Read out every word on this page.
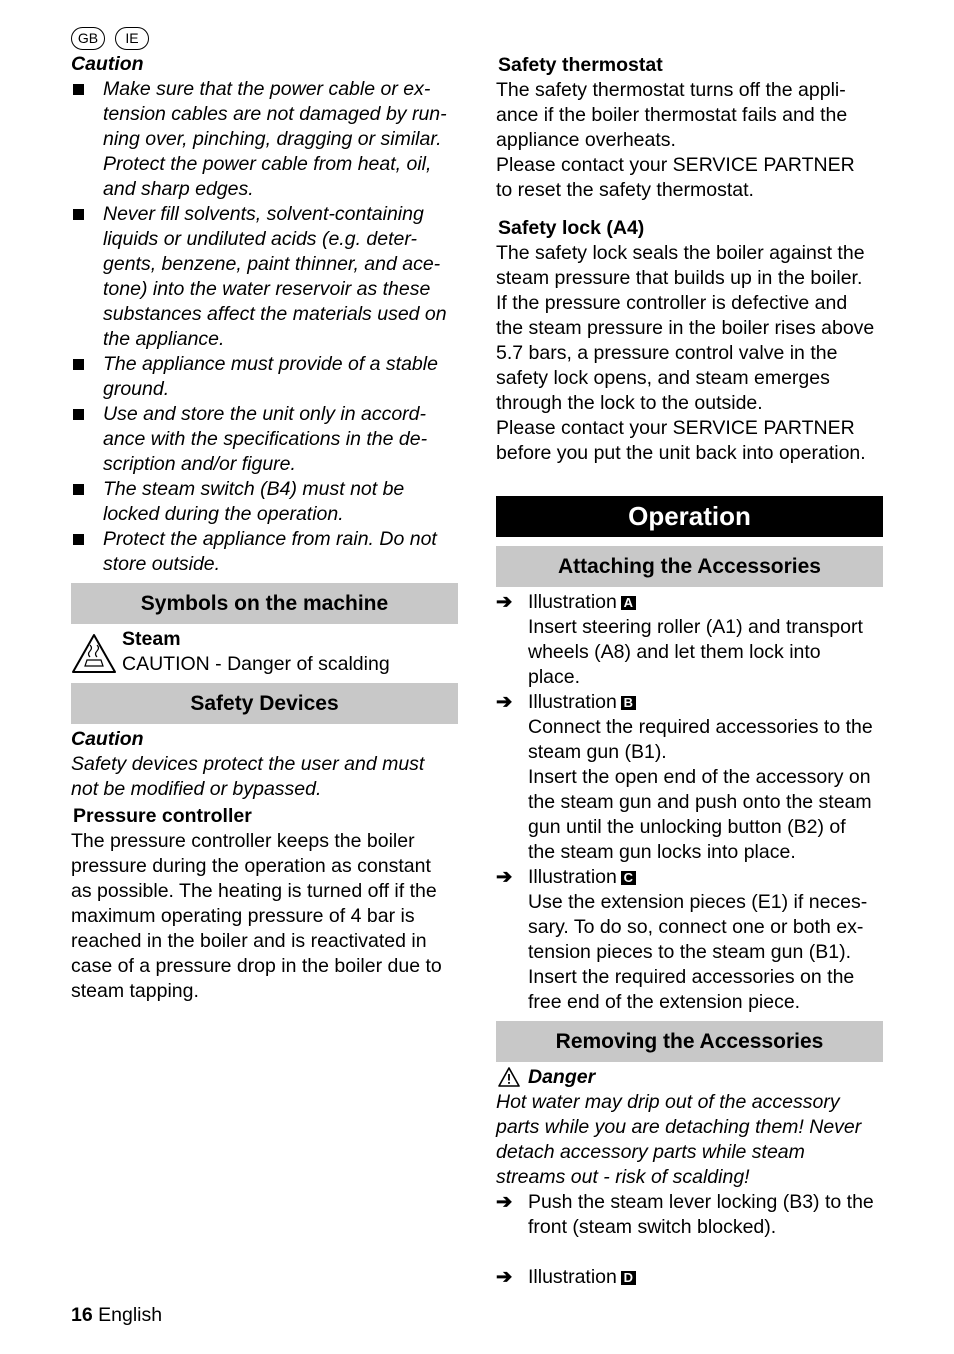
GB	IE
Caution
Make sure that the power cable or ex-
tension cables are not damaged by run-
ning over, pinching, dragging or similar.
Protect the power cable from heat, oil,
and sharp edges.
Never fill solvents, solvent-containing
liquids or undiluted acids (e.g. deter-
gents, benzene, paint thinner, and ace-
tone) into the water reservoir as these
substances affect the materials used on
the appliance.
The appliance must provide of a stable
ground.
Use and store the unit only in accord-
ance with the specifications in the de-
scription and/or figure.
The steam switch (B4) must not be
locked during the operation.
Protect the appliance from rain. Do not
store outside.
Symbols on the machine
Steam
CAUTION - Danger of scalding
Safety Devices
Caution
Safety devices protect the user and must
not be modified or bypassed.
Pressure controller
The pressure controller keeps the boiler
pressure during the operation as constant
as possible. The heating is turned off if the
maximum operating pressure of 4 bar is
reached in the boiler and is reactivated in
case of a pressure drop in the boiler due to
steam tapping.
Safety thermostat
The safety thermostat turns off the appli-
ance if the boiler thermostat fails and the
appliance overheats.
Please contact your SERVICE PARTNER
to reset the safety thermostat.
Safety lock (A4)
The safety lock seals the boiler against the
steam pressure that builds up in the boiler.
If the pressure controller is defective and
the steam pressure in the boiler rises above
5.7 bars, a pressure control valve in the
safety lock opens, and steam emerges
through the lock to the outside.
Please contact your SERVICE PARTNER
before you put the unit back into operation.
Operation
Attaching the Accessories
➔ Illustration A
Insert steering roller (A1) and transport
wheels (A8) and let them lock into
place.
➔ Illustration B
Connect the required accessories to the
steam gun (B1).
Insert the open end of the accessory on
the steam gun and push onto the steam
gun until the unlocking button (B2) of
the steam gun locks into place.
➔ Illustration C
Use the extension pieces (E1) if neces-
sary. To do so, connect one or both ex-
tension pieces to the steam gun (B1).
Insert the required accessories on the
free end of the extension piece.
Removing the Accessories
Danger
Hot water may drip out of the accessory
parts while you are detaching them! Never
detach accessory parts while steam
streams out - risk of scalding!
➔ Push the steam lever locking (B3) to the
front (steam switch blocked).
➔ Illustration D
16 English
